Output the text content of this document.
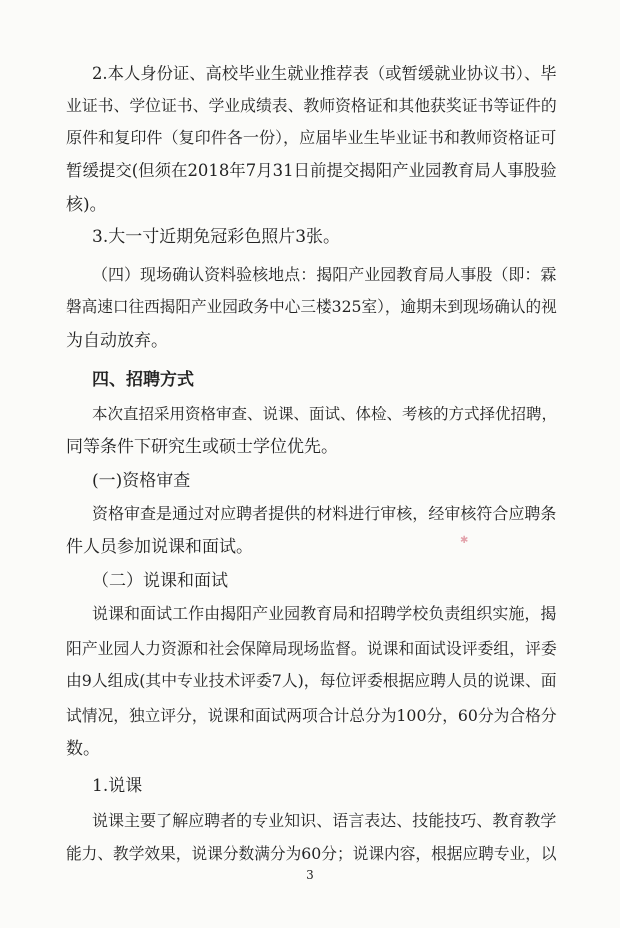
2.本人身份证、高校毕业生就业推荐表（或暂缓就业协议书）、毕
业证书、学位证书、学业成绩表、教师资格证和其他获奖证书等证件的
原件和复印件（复印件各一份），应届毕业生毕业证书和教师资格证可
暂缓提交(但须在2018年7月31日前提交揭阳产业园教育局人事股验
核)。
3.大一寸近期免冠彩色照片3张。
（四）现场确认资料验核地点：揭阳产业园教育局人事股（即：霖
磐高速口往西揭阳产业园政务中心三楼325室），逾期未到现场确认的视
为自动放弃。
四、招聘方式
本次直招采用资格审查、说课、面试、体检、考核的方式择优招聘，
同等条件下研究生或硕士学位优先。
(一)资格审查
资格审查是通过对应聘者提供的材料进行审核，经审核符合应聘条
件人员参加说课和面试。
（二）说课和面试
说课和面试工作由揭阳产业园教育局和招聘学校负责组织实施，揭
阳产业园人力资源和社会保障局现场监督。说课和面试设评委组，评委
由9人组成(其中专业技术评委7人)，每位评委根据应聘人员的说课、面
试情况，独立评分，说课和面试两项合计总分为100分，60分为合格分
数。
1.说课
说课主要了解应聘者的专业知识、语言表达、技能技巧、教育教学
能力、教学效果，说课分数满分为60分；说课内容，根据应聘专业，以
✱
3
